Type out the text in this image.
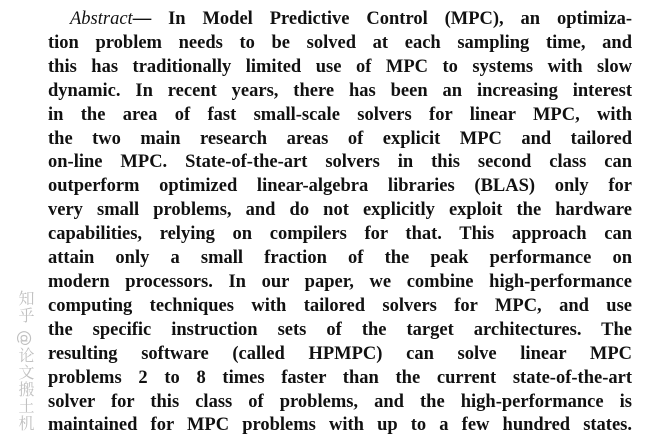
Abstract— In Model Predictive Control (MPC), an optimiza-
tion problem needs to be solved at each sampling time, and
this has traditionally limited use of MPC to systems with slow
dynamic. In recent years, there has been an increasing interest
in the area of fast small-scale solvers for linear MPC, with
the two main research areas of explicit MPC and tailored
on-line MPC. State-of-the-art solvers in this second class can
outperform optimized linear-algebra libraries (BLAS) only for
very small problems, and do not explicitly exploit the hardware
capabilities, relying on compilers for that. This approach can
attain only a small fraction of the peak performance on
modern processors. In our paper, we combine high-performance
computing techniques with tailored solvers for MPC, and use
the specific instruction sets of the target architectures. The
resulting software (called HPMPC) can solve linear MPC
problems 2 to 8 times faster than the current state-of-the-art
solver for this class of problems, and the high-performance is
maintained for MPC problems with up to a few hundred states.
知乎 @论文搬土机
